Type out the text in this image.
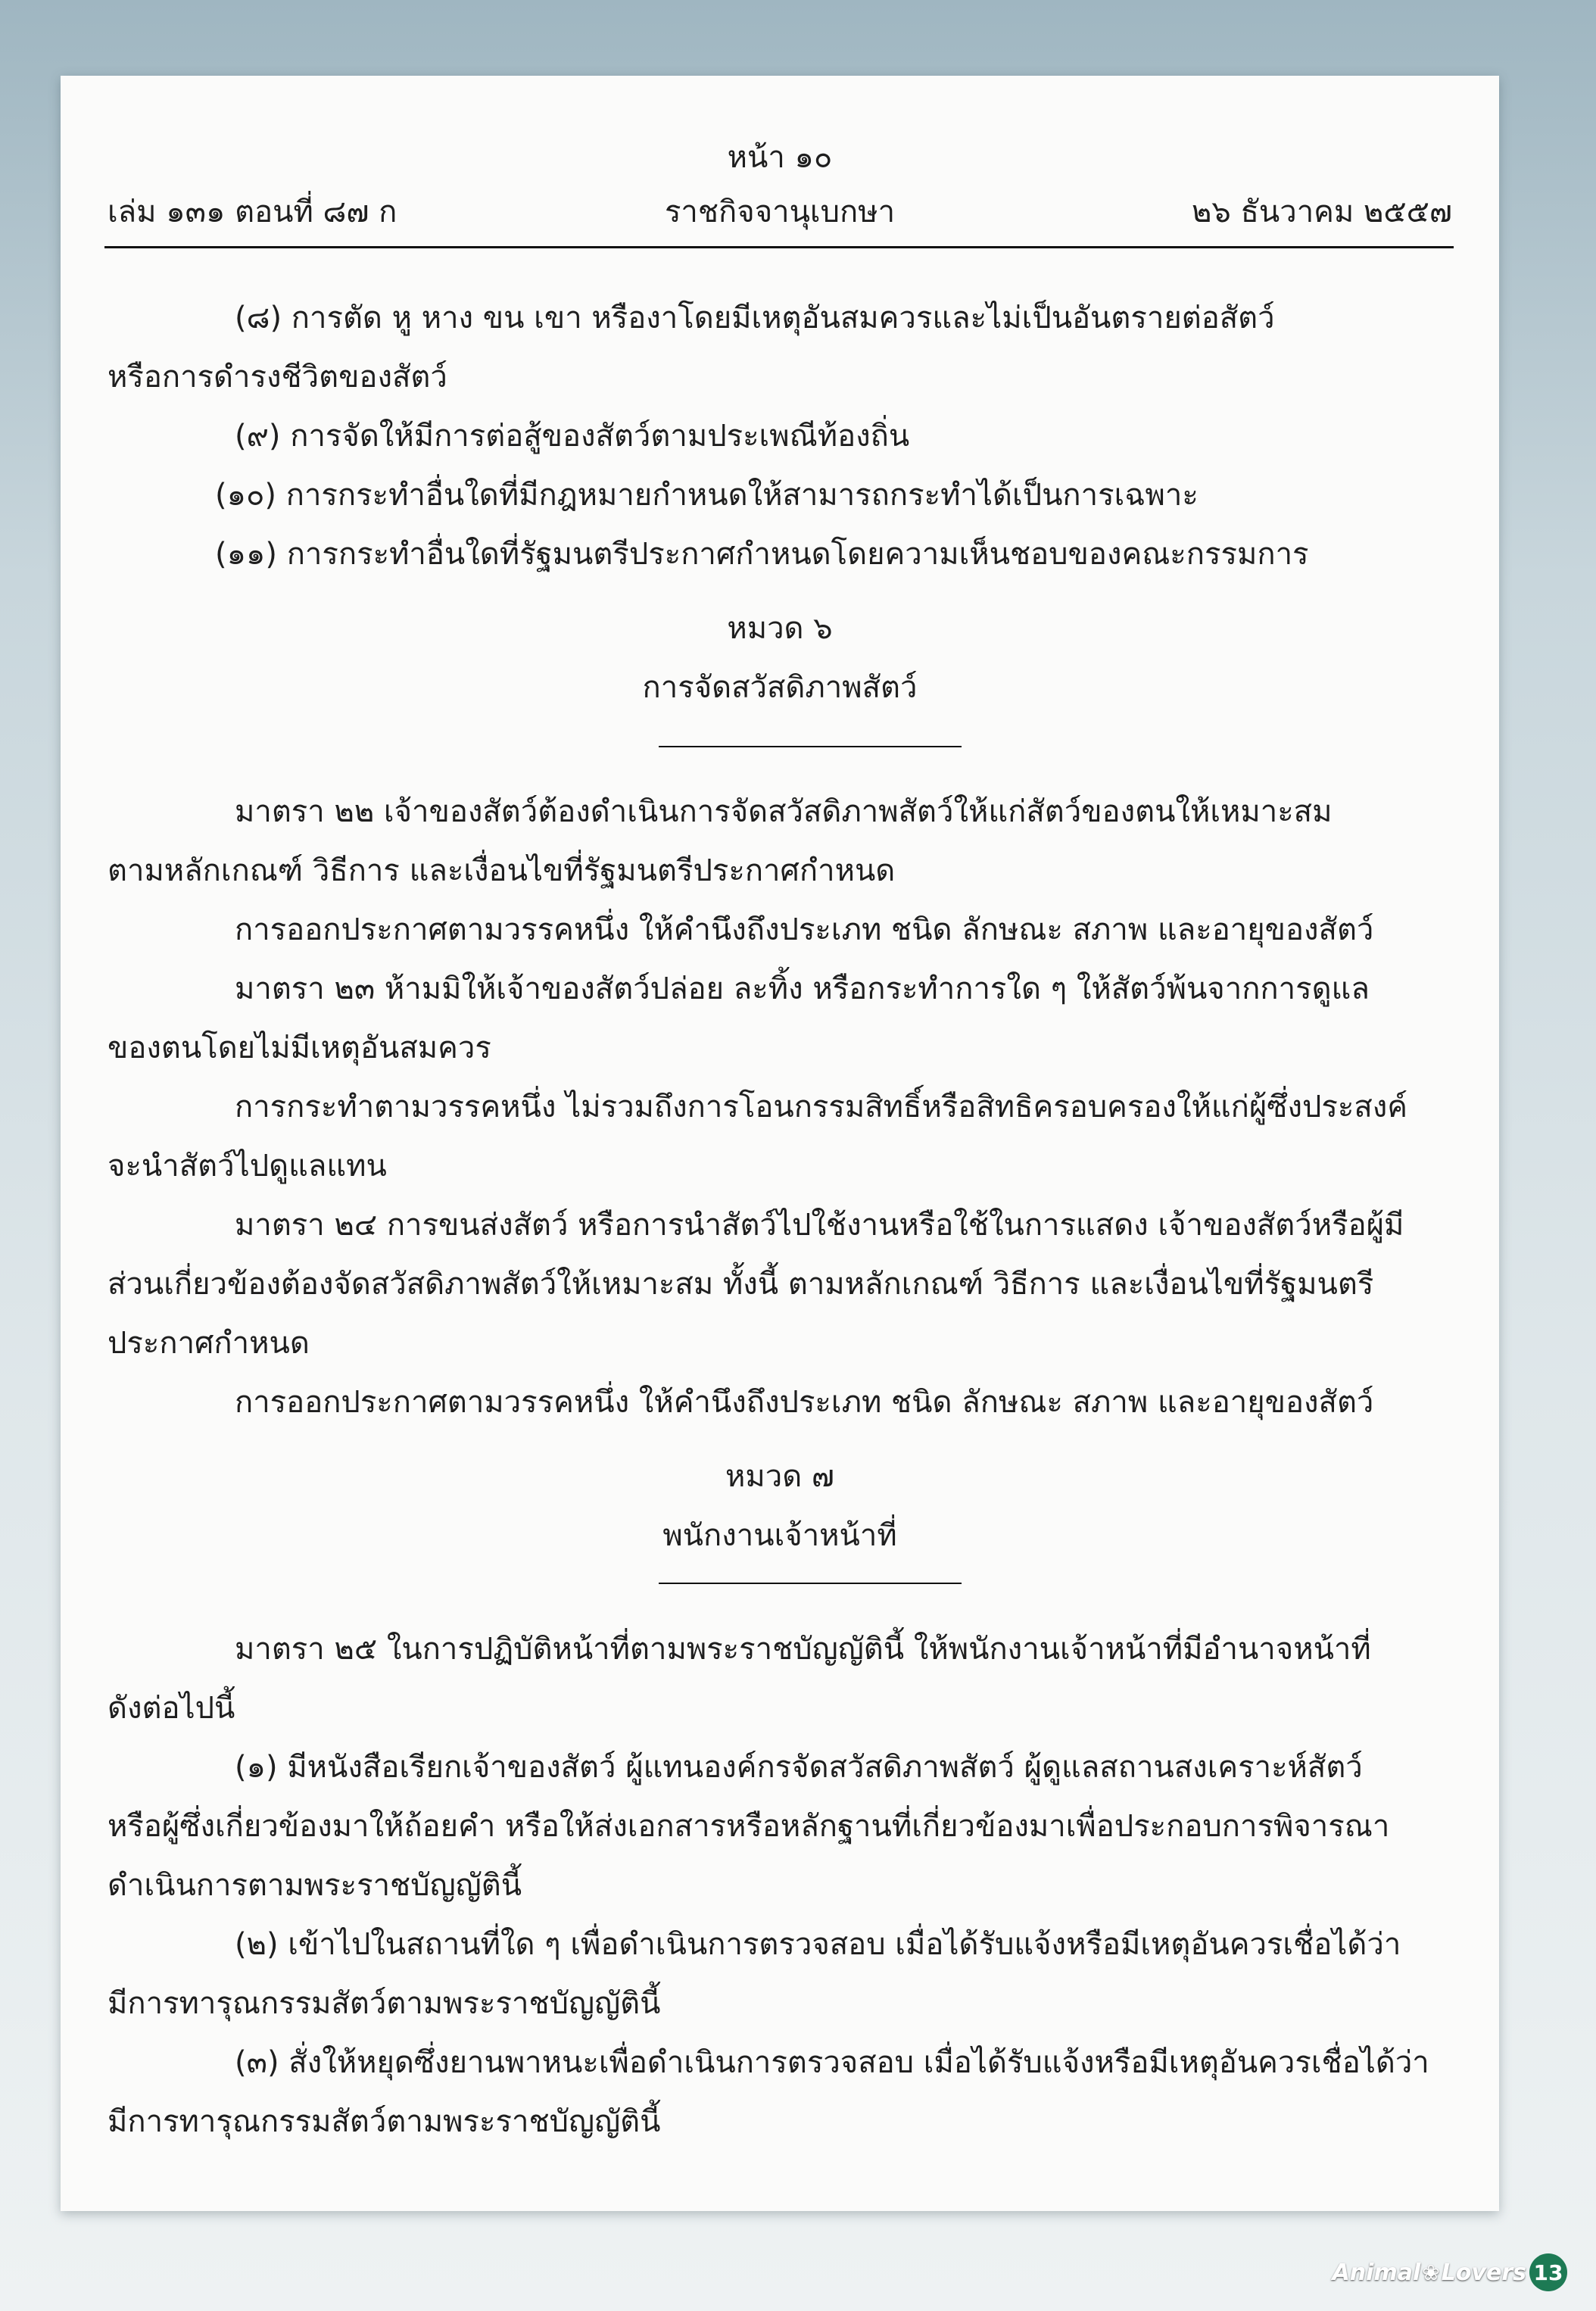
หน้า ๑๐
เล่ม ๑๓๑ ตอนที่ ๘๗ ก	ราชกิจจานุเบกษา	๒๖ ธันวาคม ๒๕๕๗
(๘) การตัด หู หาง ขน เขา หรืองาโดยมีเหตุอันสมควรและไม่เป็นอันตรายต่อสัตว์
หรือการดำรงชีวิตของสัตว์
(๙) การจัดให้มีการต่อสู้ของสัตว์ตามประเพณีท้องถิ่น
(๑๐) การกระทำอื่นใดที่มีกฎหมายกำหนดให้สามารถกระทำได้เป็นการเฉพาะ
(๑๑) การกระทำอื่นใดที่รัฐมนตรีประกาศกำหนดโดยความเห็นชอบของคณะกรรมการ
หมวด ๖
การจัดสวัสดิภาพสัตว์
มาตรา ๒๒ เจ้าของสัตว์ต้องดำเนินการจัดสวัสดิภาพสัตว์ให้แก่สัตว์ของตนให้เหมาะสม
ตามหลักเกณฑ์ วิธีการ และเงื่อนไขที่รัฐมนตรีประกาศกำหนด
การออกประกาศตามวรรคหนึ่ง ให้คำนึงถึงประเภท ชนิด ลักษณะ สภาพ และอายุของสัตว์
มาตรา ๒๓ ห้ามมิให้เจ้าของสัตว์ปล่อย ละทิ้ง หรือกระทำการใด ๆ ให้สัตว์พ้นจากการดูแล
ของตนโดยไม่มีเหตุอันสมควร
การกระทำตามวรรคหนึ่ง ไม่รวมถึงการโอนกรรมสิทธิ์หรือสิทธิครอบครองให้แก่ผู้ซึ่งประสงค์
จะนำสัตว์ไปดูแลแทน
มาตรา ๒๔ การขนส่งสัตว์ หรือการนำสัตว์ไปใช้งานหรือใช้ในการแสดง เจ้าของสัตว์หรือผู้มี
ส่วนเกี่ยวข้องต้องจัดสวัสดิภาพสัตว์ให้เหมาะสม ทั้งนี้ ตามหลักเกณฑ์ วิธีการ และเงื่อนไขที่รัฐมนตรี
ประกาศกำหนด
การออกประกาศตามวรรคหนึ่ง ให้คำนึงถึงประเภท ชนิด ลักษณะ สภาพ และอายุของสัตว์
หมวด ๗
พนักงานเจ้าหน้าที่
มาตรา ๒๕ ในการปฏิบัติหน้าที่ตามพระราชบัญญัตินี้ ให้พนักงานเจ้าหน้าที่มีอำนาจหน้าที่
ดังต่อไปนี้
(๑) มีหนังสือเรียกเจ้าของสัตว์ ผู้แทนองค์กรจัดสวัสดิภาพสัตว์ ผู้ดูแลสถานสงเคราะห์สัตว์
หรือผู้ซึ่งเกี่ยวข้องมาให้ถ้อยคำ หรือให้ส่งเอกสารหรือหลักฐานที่เกี่ยวข้องมาเพื่อประกอบการพิจารณา
ดำเนินการตามพระราชบัญญัตินี้
(๒) เข้าไปในสถานที่ใด ๆ เพื่อดำเนินการตรวจสอบ เมื่อได้รับแจ้งหรือมีเหตุอันควรเชื่อได้ว่า
มีการทารุณกรรมสัตว์ตามพระราชบัญญัตินี้
(๓) สั่งให้หยุดซึ่งยานพาหนะเพื่อดำเนินการตรวจสอบ เมื่อได้รับแจ้งหรือมีเหตุอันควรเชื่อได้ว่า
มีการทารุณกรรมสัตว์ตามพระราชบัญญัตินี้
Animal ❀ Lovers 13
